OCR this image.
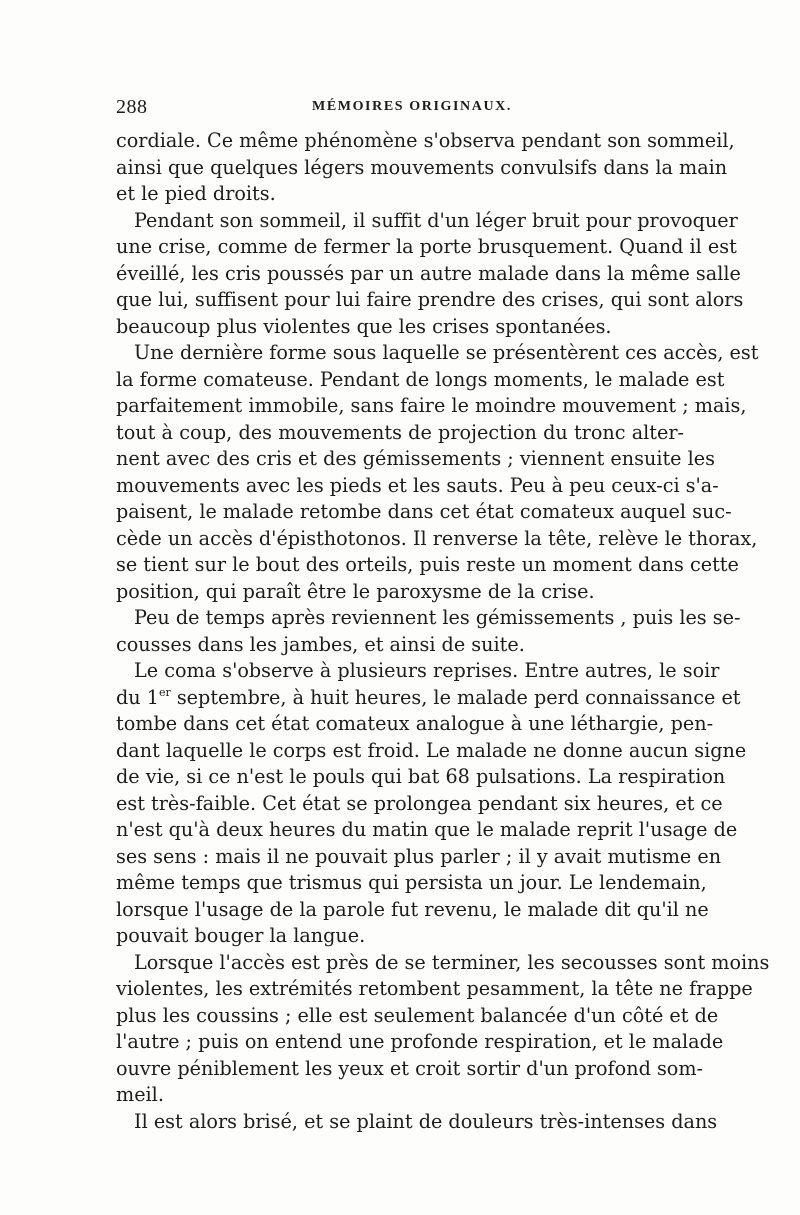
288	MÉMOIRES ORIGINAUX.
cordiale. Ce même phénomène s'observa pendant son sommeil,
ainsi que quelques légers mouvements convulsifs dans la main
et le pied droits.
Pendant son sommeil, il suffit d'un léger bruit pour provoquer
une crise, comme de fermer la porte brusquement. Quand il est
éveillé, les cris poussés par un autre malade dans la même salle
que lui, suffisent pour lui faire prendre des crises, qui sont alors
beaucoup plus violentes que les crises spontanées.
Une dernière forme sous laquelle se présentèrent ces accès, est
la forme comateuse. Pendant de longs moments, le malade est
parfaitement immobile, sans faire le moindre mouvement ; mais,
tout à coup, des mouvements de projection du tronc alter-
nent avec des cris et des gémissements ; viennent ensuite les
mouvements avec les pieds et les sauts. Peu à peu ceux-ci s'a-
paisent, le malade retombe dans cet état comateux auquel suc-
cède un accès d'épisthotonos. Il renverse la tête, relève le thorax,
se tient sur le bout des orteils, puis reste un moment dans cette
position, qui paraît être le paroxysme de la crise.
Peu de temps après reviennent les gémissements , puis les se-
cousses dans les jambes, et ainsi de suite.
Le coma s'observe à plusieurs reprises. Entre autres, le soir
du 1er septembre, à huit heures, le malade perd connaissance et
tombe dans cet état comateux analogue à une léthargie, pen-
dant laquelle le corps est froid. Le malade ne donne aucun signe
de vie, si ce n'est le pouls qui bat 68 pulsations. La respiration
est très-faible. Cet état se prolongea pendant six heures, et ce
n'est qu'à deux heures du matin que le malade reprit l'usage de
ses sens : mais il ne pouvait plus parler ; il y avait mutisme en
même temps que trismus qui persista un jour. Le lendemain,
lorsque l'usage de la parole fut revenu, le malade dit qu'il ne
pouvait bouger la langue.
Lorsque l'accès est près de se terminer, les secousses sont moins
violentes, les extrémités retombent pesamment, la tête ne frappe
plus les coussins ; elle est seulement balancée d'un côté et de
l'autre ; puis on entend une profonde respiration, et le malade
ouvre péniblement les yeux et croit sortir d'un profond som-
meil.
Il est alors brisé, et se plaint de douleurs très-intenses dans
